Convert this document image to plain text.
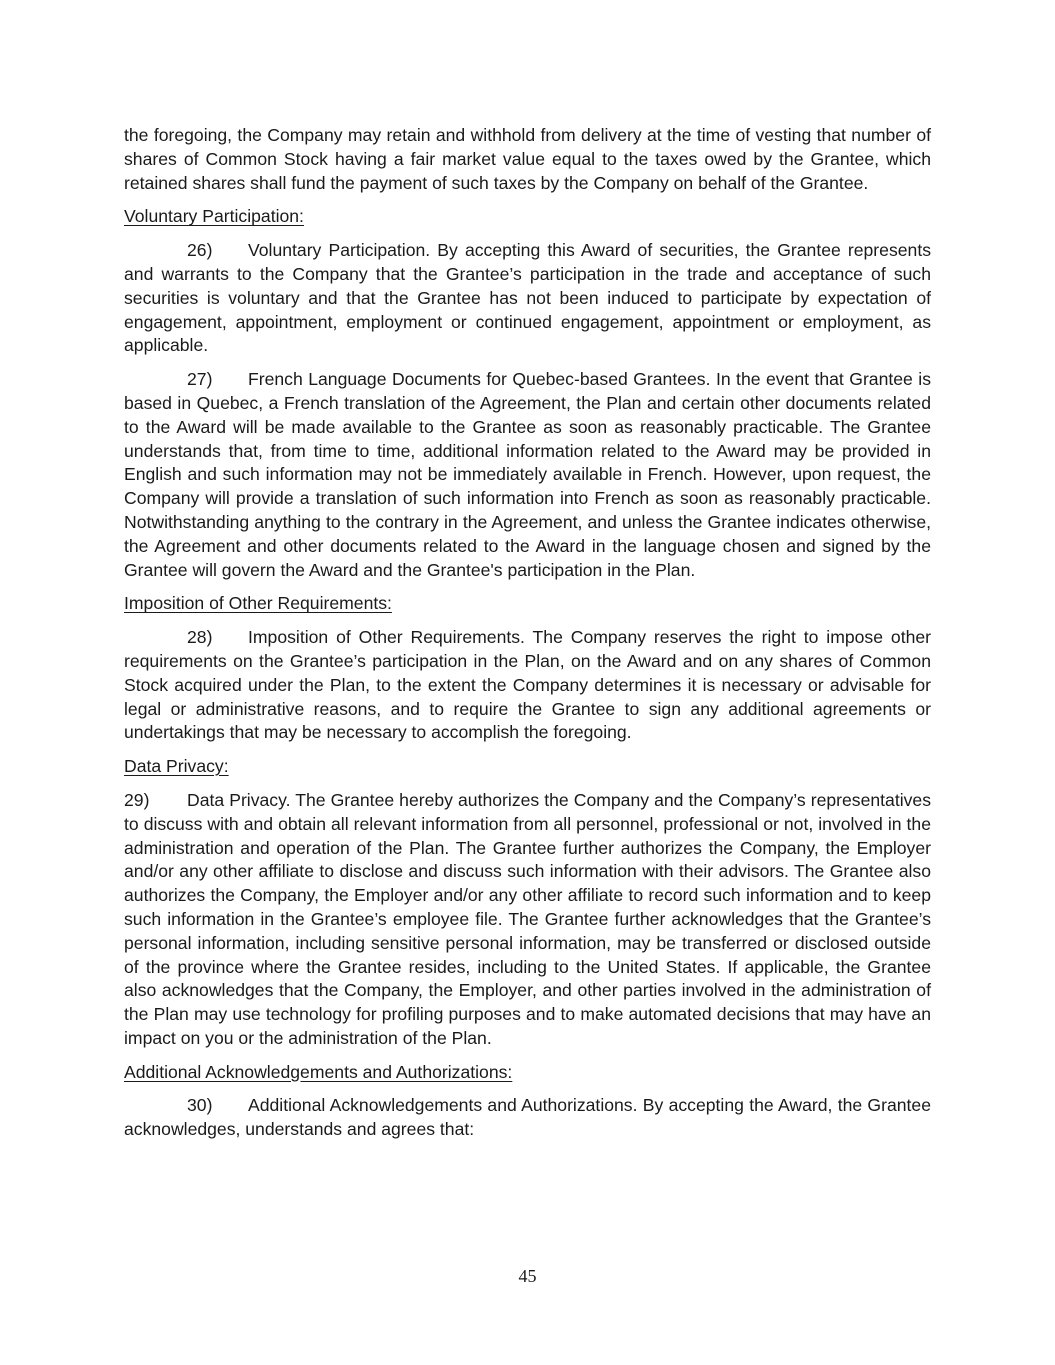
the foregoing, the Company may retain and withhold from delivery at the time of vesting that number of shares of Common Stock having a fair market value equal to the taxes owed by the Grantee, which retained shares shall fund the payment of such taxes by the Company on behalf of the Grantee.

Voluntary Participation:

26) Voluntary Participation. By accepting this Award of securities, the Grantee represents and warrants to the Company that the Grantee’s participation in the trade and acceptance of such securities is voluntary and that the Grantee has not been induced to participate by expectation of engagement, appointment, employment or continued engagement, appointment or employment, as applicable.

27) French Language Documents for Quebec-based Grantees. In the event that Grantee is based in Quebec, a French translation of the Agreement, the Plan and certain other documents related to the Award will be made available to the Grantee as soon as reasonably practicable. The Grantee understands that, from time to time, additional information related to the Award may be provided in English and such information may not be immediately available in French. However, upon request, the Company will provide a translation of such information into French as soon as reasonably practicable. Notwithstanding anything to the contrary in the Agreement, and unless the Grantee indicates otherwise, the Agreement and other documents related to the Award in the language chosen and signed by the Grantee will govern the Award and the Grantee's participation in the Plan.

Imposition of Other Requirements:

28) Imposition of Other Requirements. The Company reserves the right to impose other requirements on the Grantee’s participation in the Plan, on the Award and on any shares of Common Stock acquired under the Plan, to the extent the Company determines it is necessary or advisable for legal or administrative reasons, and to require the Grantee to sign any additional agreements or undertakings that may be necessary to accomplish the foregoing.

Data Privacy:

29) Data Privacy. The Grantee hereby authorizes the Company and the Company’s representatives to discuss with and obtain all relevant information from all personnel, professional or not, involved in the administration and operation of the Plan. The Grantee further authorizes the Company, the Employer and/or any other affiliate to disclose and discuss such information with their advisors. The Grantee also authorizes the Company, the Employer and/or any other affiliate to record such information and to keep such information in the Grantee’s employee file. The Grantee further acknowledges that the Grantee’s personal information, including sensitive personal information, may be transferred or disclosed outside of the province where the Grantee resides, including to the United States. If applicable, the Grantee also acknowledges that the Company, the Employer, and other parties involved in the administration of the Plan may use technology for profiling purposes and to make automated decisions that may have an impact on you or the administration of the Plan.

Additional Acknowledgements and Authorizations:

30) Additional Acknowledgements and Authorizations. By accepting the Award, the Grantee acknowledges, understands and agrees that:

45
